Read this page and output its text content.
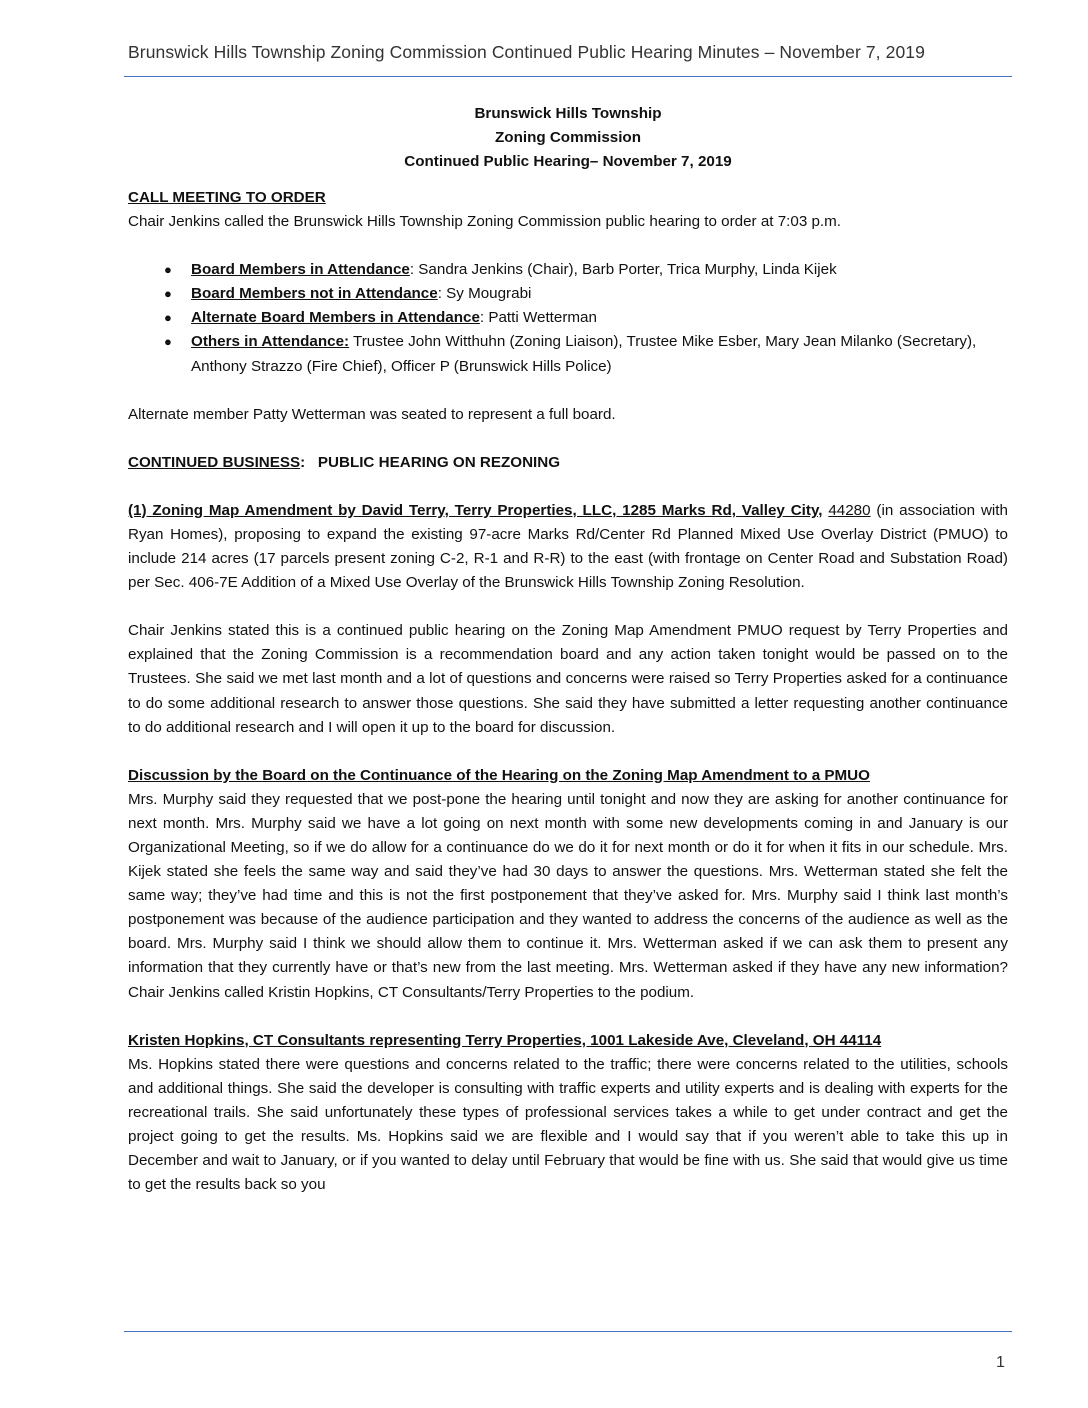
Brunswick Hills Township Zoning Commission Continued Public Hearing Minutes – November 7, 2019
Brunswick Hills Township
Zoning Commission
Continued Public Hearing– November 7, 2019
CALL MEETING TO ORDER
Chair Jenkins called the Brunswick Hills Township Zoning Commission public hearing to order at 7:03 p.m.
● Board Members in Attendance: Sandra Jenkins (Chair), Barb Porter, Trica Murphy, Linda Kijek
● Board Members not in Attendance: Sy Mougrabi
● Alternate Board Members in Attendance: Patti Wetterman
● Others in Attendance: Trustee John Witthuhn (Zoning Liaison), Trustee Mike Esber, Mary Jean Milanko (Secretary), Anthony Strazzo (Fire Chief), Officer P (Brunswick Hills Police)
Alternate member Patty Wetterman was seated to represent a full board.
CONTINUED BUSINESS:   PUBLIC HEARING ON REZONING
(1) Zoning Map Amendment by David Terry, Terry Properties, LLC, 1285 Marks Rd, Valley City, 44280 (in association with Ryan Homes), proposing to expand the existing 97-acre Marks Rd/Center Rd Planned Mixed Use Overlay District (PMUO) to include 214 acres (17 parcels present zoning C-2, R-1 and R-R) to the east (with frontage on Center Road and Substation Road) per Sec. 406-7E Addition of a Mixed Use Overlay of the Brunswick Hills Township Zoning Resolution.
Chair Jenkins stated this is a continued public hearing on the Zoning Map Amendment PMUO request by Terry Properties and explained that the Zoning Commission is a recommendation board and any action taken tonight would be passed on to the Trustees. She said we met last month and a lot of questions and concerns were raised so Terry Properties asked for a continuance to do some additional research to answer those questions. She said they have submitted a letter requesting another continuance to do additional research and I will open it up to the board for discussion.
Discussion by the Board on the Continuance of the Hearing on the Zoning Map Amendment to a PMUO
Mrs. Murphy said they requested that we post-pone the hearing until tonight and now they are asking for another continuance for next month. Mrs. Murphy said we have a lot going on next month with some new developments coming in and January is our Organizational Meeting, so if we do allow for a continuance do we do it for next month or do it for when it fits in our schedule. Mrs. Kijek stated she feels the same way and said they’ve had 30 days to answer the questions. Mrs. Wetterman stated she felt the same way; they’ve had time and this is not the first postponement that they’ve asked for. Mrs. Murphy said I think last month’s postponement was because of the audience participation and they wanted to address the concerns of the audience as well as the board. Mrs. Murphy said I think we should allow them to continue it. Mrs. Wetterman asked if we can ask them to present any information that they currently have or that’s new from the last meeting. Mrs. Wetterman asked if they have any new information? Chair Jenkins called Kristin Hopkins, CT Consultants/Terry Properties to the podium.
Kristen Hopkins, CT Consultants representing Terry Properties, 1001 Lakeside Ave, Cleveland, OH 44114
Ms. Hopkins stated there were questions and concerns related to the traffic; there were concerns related to the utilities, schools and additional things. She said the developer is consulting with traffic experts and utility experts and is dealing with experts for the recreational trails. She said unfortunately these types of professional services takes a while to get under contract and get the project going to get the results. Ms. Hopkins said we are flexible and I would say that if you weren’t able to take this up in December and wait to January, or if you wanted to delay until February that would be fine with us. She said that would give us time to get the results back so you
1
